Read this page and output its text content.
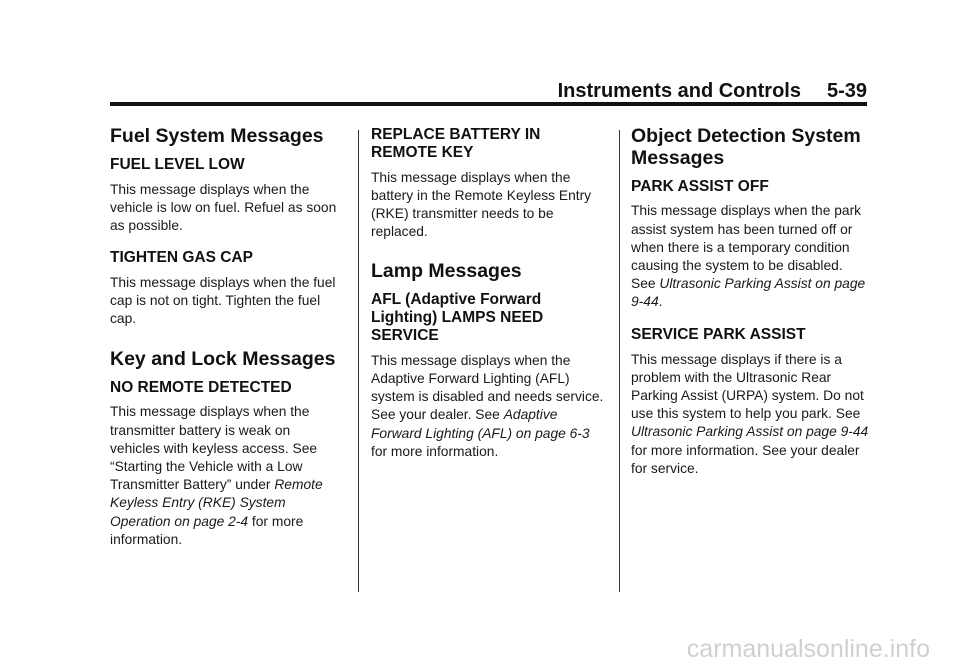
Instruments and Controls 5-39
Fuel System Messages
FUEL LEVEL LOW

This message displays when the vehicle is low on fuel. Refuel as soon as possible.

TIGHTEN GAS CAP

This message displays when the fuel cap is not on tight. Tighten the fuel cap.

Key and Lock Messages
NO REMOTE DETECTED

This message displays when the transmitter battery is weak on vehicles with keyless access. See “Starting the Vehicle with a Low Transmitter Battery” under Remote Keyless Entry (RKE) System Operation on page 2-4 for more information.

REPLACE BATTERY IN REMOTE KEY

This message displays when the battery in the Remote Keyless Entry (RKE) transmitter needs to be replaced.

Lamp Messages
AFL (Adaptive Forward Lighting) LAMPS NEED SERVICE

This message displays when the Adaptive Forward Lighting (AFL) system is disabled and needs service. See your dealer. See Adaptive Forward Lighting (AFL) on page 6-3 for more information.

Object Detection System Messages
PARK ASSIST OFF

This message displays when the park assist system has been turned off or when there is a temporary condition causing the system to be disabled. See Ultrasonic Parking Assist on page 9-44.

SERVICE PARK ASSIST

This message displays if there is a problem with the Ultrasonic Rear Parking Assist (URPA) system. Do not use this system to help you park. See Ultrasonic Parking Assist on page 9-44 for more information. See your dealer for service.

carmanualsonline.info
